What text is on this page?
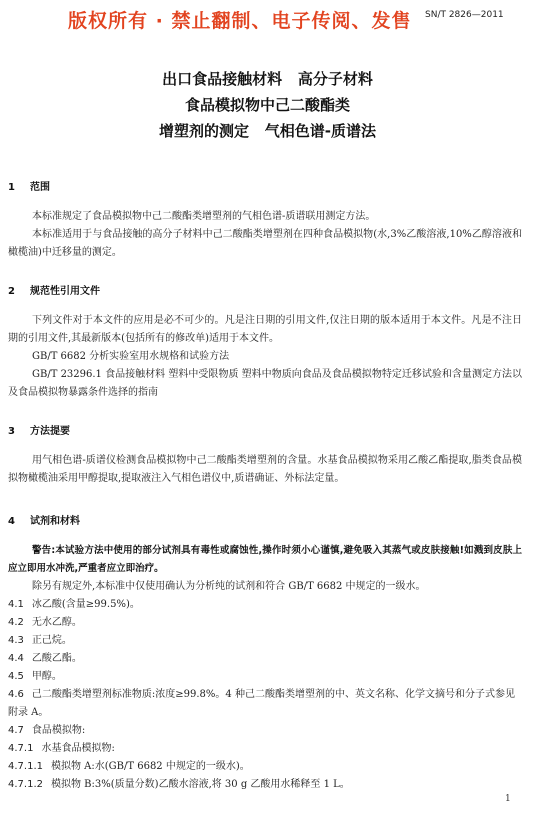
版权所有 · 禁止翻制、电子传阅、发售 SN/T 2826—2011
出口食品接触材料   高分子材料
食品模拟物中己二酸酯类
增塑剂的测定   气相色谱-质谱法
1 范围
本标准规定了食品模拟物中己二酸酯类增塑剂的气相色谱-质谱联用测定方法。
本标准适用于与食品接触的高分子材料中己二酸酯类增塑剂在四种食品模拟物(水,3%乙酸溶液,10%乙醇溶液和橄榄油)中迁移量的测定。
2 规范性引用文件
下列文件对于本文件的应用是必不可少的。凡是注日期的引用文件,仅注日期的版本适用于本文件。凡是不注日期的引用文件,其最新版本(包括所有的修改单)适用于本文件。
GB/T 6682 分析实验室用水规格和试验方法
GB/T 23296.1 食品接触材料 塑料中受限物质 塑料中物质向食品及食品模拟物特定迁移试验和含量测定方法以及食品模拟物暴露条件选择的指南
3 方法提要
用气相色谱-质谱仪检测食品模拟物中己二酸酯类增塑剂的含量。水基食品模拟物采用乙酸乙酯提取,脂类食品模拟物橄榄油采用甲醇提取,提取液注入气相色谱仪中,质谱确证、外标法定量。
4 试剂和材料
警告:本试验方法中使用的部分试剂具有毒性或腐蚀性,操作时须小心谨慎,避免吸入其蒸气或皮肤接触!如溅到皮肤上应立即用水冲洗,严重者应立即治疗。
除另有规定外,本标准中仅使用确认为分析纯的试剂和符合 GB/T 6682 中规定的一级水。
4.1 冰乙酸(含量≥99.5%)。
4.2 无水乙醇。
4.3 正己烷。
4.4 乙酸乙酯。
4.5 甲醇。
4.6 己二酸酯类增塑剂标准物质:浓度≥99.8%。4 种己二酸酯类增塑剂的中、英文名称、化学文摘号和分子式参见附录 A。
4.7 食品模拟物:
4.7.1 水基食品模拟物:
4.7.1.1 模拟物 A:水(GB/T 6682 中规定的一级水)。
4.7.1.2 模拟物 B:3%(质量分数)乙酸水溶液,将 30 g 乙酸用水稀释至 1 L。
1
